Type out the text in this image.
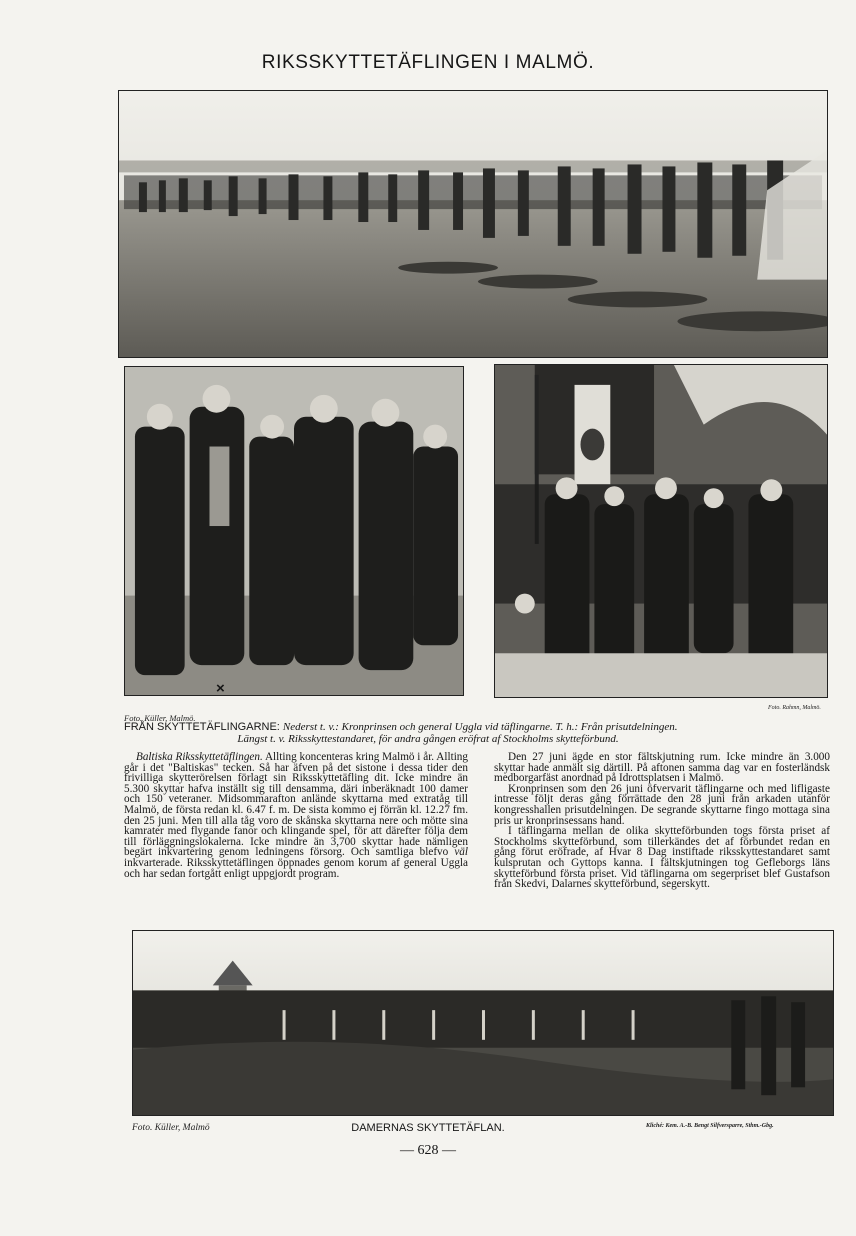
RIKSSKYTTETÄFLINGEN I MALMÖ.
×
Foto. Küller, Malmö.
Foto. Rahmn, Malmö.
FRÅN SKYTTETÄFLINGARNE: Nederst t. v.: Kronprinsen och general Uggla vid täflingarne. T. h.: Från prisutdelningen.
Längst t. v. Riksskyttestandaret, för andra gången eröfrat af Stockholms skytteförbund.

Baltiska Riksskyttetäflingen. Allting koncenteras kring Malmö i år. Allting går i det "Baltiskas" tecken. Så har äfven på det sistone i dessa tider den frivilliga skytterörelsen förlagt sin Riksskyttetäfling dit. Icke mindre än 5.300 skyttar hafva inställt sig till densamma, däri inberäknadt 100 damer och 150 veteraner. Midsommarafton anlände skyttarna med extratåg till Malmö, de första redan kl. 6.47 f. m. De sista kommo ej förrän kl. 12.27 fm. den 25 juni. Men till alla tåg voro de skånska skyttarna nere och mötte sina kamrater med flygande fanor och klingande spel, för att därefter följa dem till förläggningslokalerna. Icke mindre än 3,700 skyttar hade nämligen begärt inkvartering genom ledningens försorg. Och samtliga blefvo väl inkvarterade. Riksskyttetäflingen öppnades genom korum af general Uggla och har sedan fortgått enligt uppgjordt program.

Den 27 juni ägde en stor fältskjutning rum. Icke mindre än 3.000 skyttar hade anmält sig därtill. På aftonen samma dag var en fosterländsk medborgarfäst anordnad på Idrottsplatsen i Malmö.

Kronprinsen som den 26 juni öfvervarit täflingarne och med lifligaste intresse följt deras gång förrättade den 28 juni från arkaden utanför kongresshallen prisutdelningen. De segrande skyttarne fingo mottaga sina pris ur kronprinsessans hand.

I täflingarna mellan de olika skytteförbunden togs första priset af Stockholms skytteförbund, som tillerkändes det af förbundet redan en gång förut eröfrade, af Hvar 8 Dag instiftade riksskyttestandaret samt kulsprutan och Gyttops kanna. I fältskjutningen tog Gefleborgs läns skytteförbund första priset. Vid täflingarna om segerpriset blef Gustafson från Skedvi, Dalarnes skytteförbund, segerskytt.

Foto. Küller, Malmö	DAMERNAS SKYTTETÄFLAN.	Kliché: Kem. A.-B. Bengt Silfversparre, Sthm.-Gbg.
— 628 —
